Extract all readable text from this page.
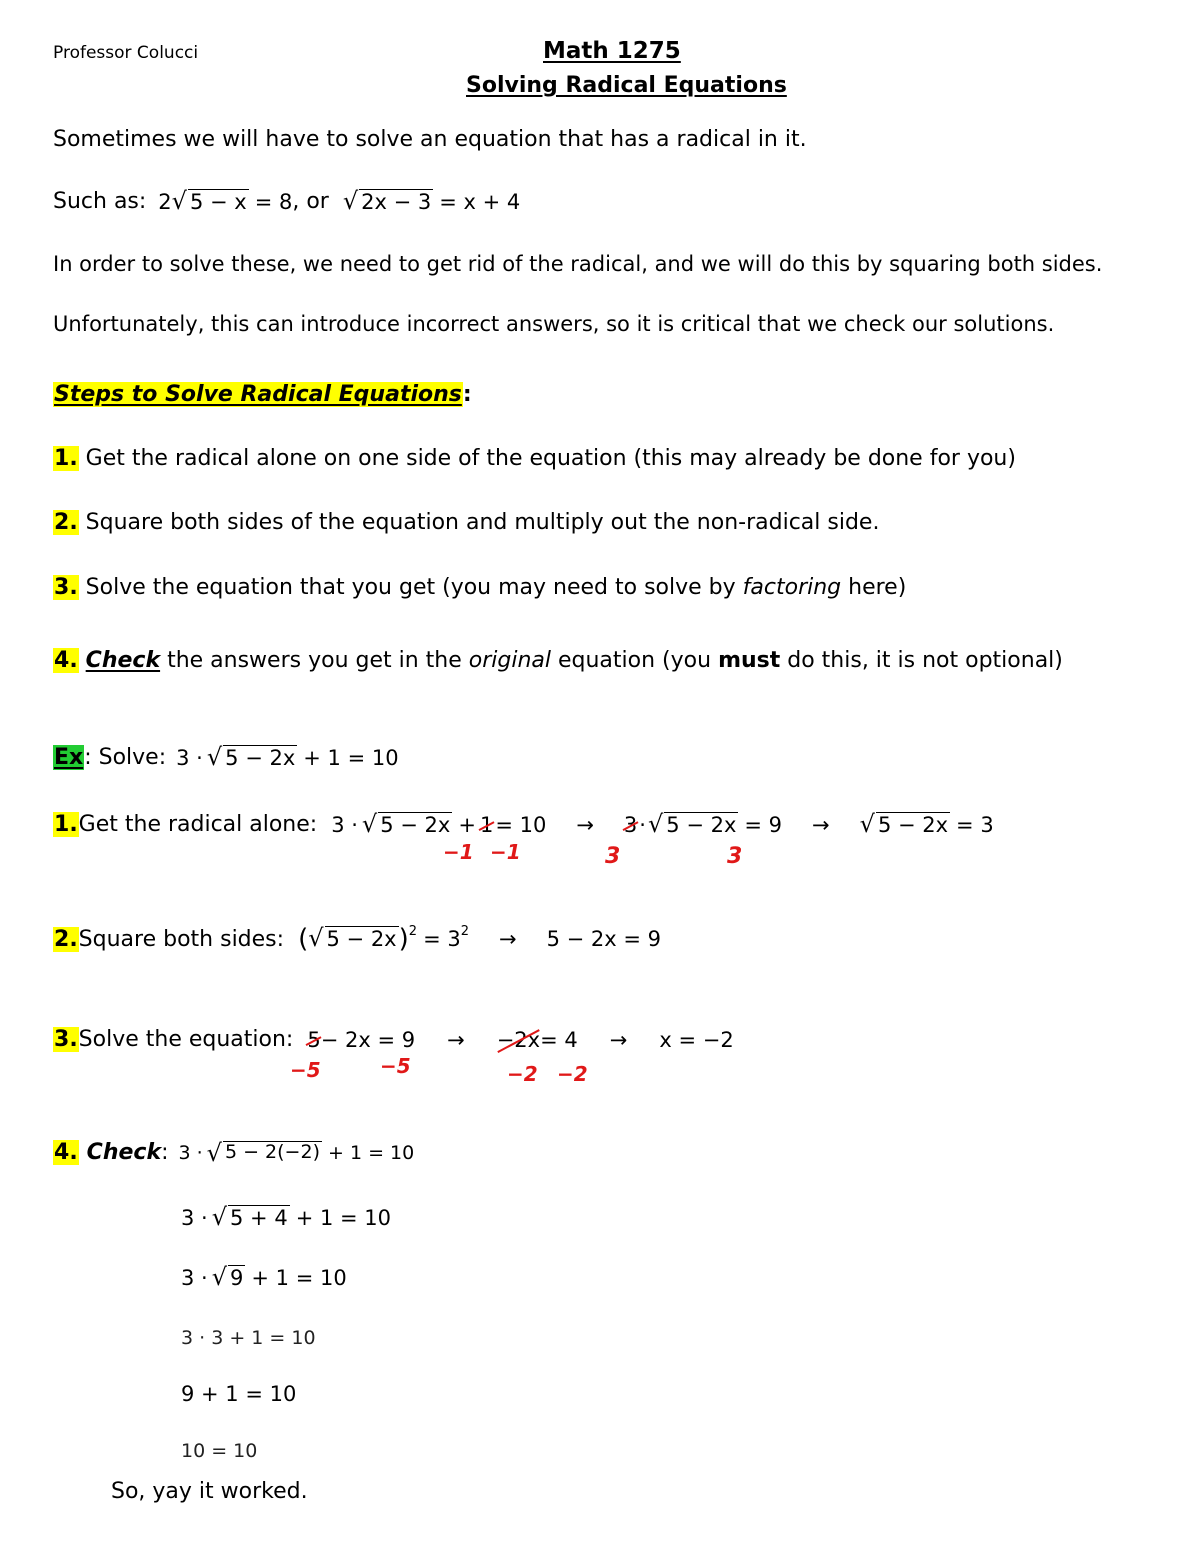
Professor Colucci	Math 1275
Solving Radical Equations
Sometimes we will have to solve an equation that has a radical in it.
Such as: 2 √ 5 − x = 8 , or √ 2x − 3 = x + 4
In order to solve these, we need to get rid of the radical, and we will do this by squaring both sides.
Unfortunately, this can introduce incorrect answers, so it is critical that we check our solutions.
Steps to Solve Radical Equations:
1. Get the radical alone on one side of the equation (this may already be done for you)
2. Square both sides of the equation and multiply out the non-radical side.
3. Solve the equation that you get (you may need to solve by factoring here)
4. Check the answers you get in the original equation (you must do this, it is not optional)
Ex : Solve: 3 · √ 5 − 2x + 1 = 10
1. Get the radical alone: 3 · √ 5 − 2x + 1 = 10 → 3 · √ 5 − 2x = 9 → √ 5 − 2x = 3
−1 −1	3	3
2. Square both sides: ( √ 5 − 2x )$^2 = 3^2 \to 5 - 2x = 9$
3. Solve the equation: 5 − 2x = 9 → −2x = 4 → x = −2
−5	−5	−2 −2
4. Check : 3 · √ 5 − 2(−2) + 1 = 10
3 · √ 5 + 4 + 1 = 10
3 · √ 9 + 1 = 10
3 · 3 + 1 = 10
9 + 1 = 10
10 = 10
So, yay it worked.
